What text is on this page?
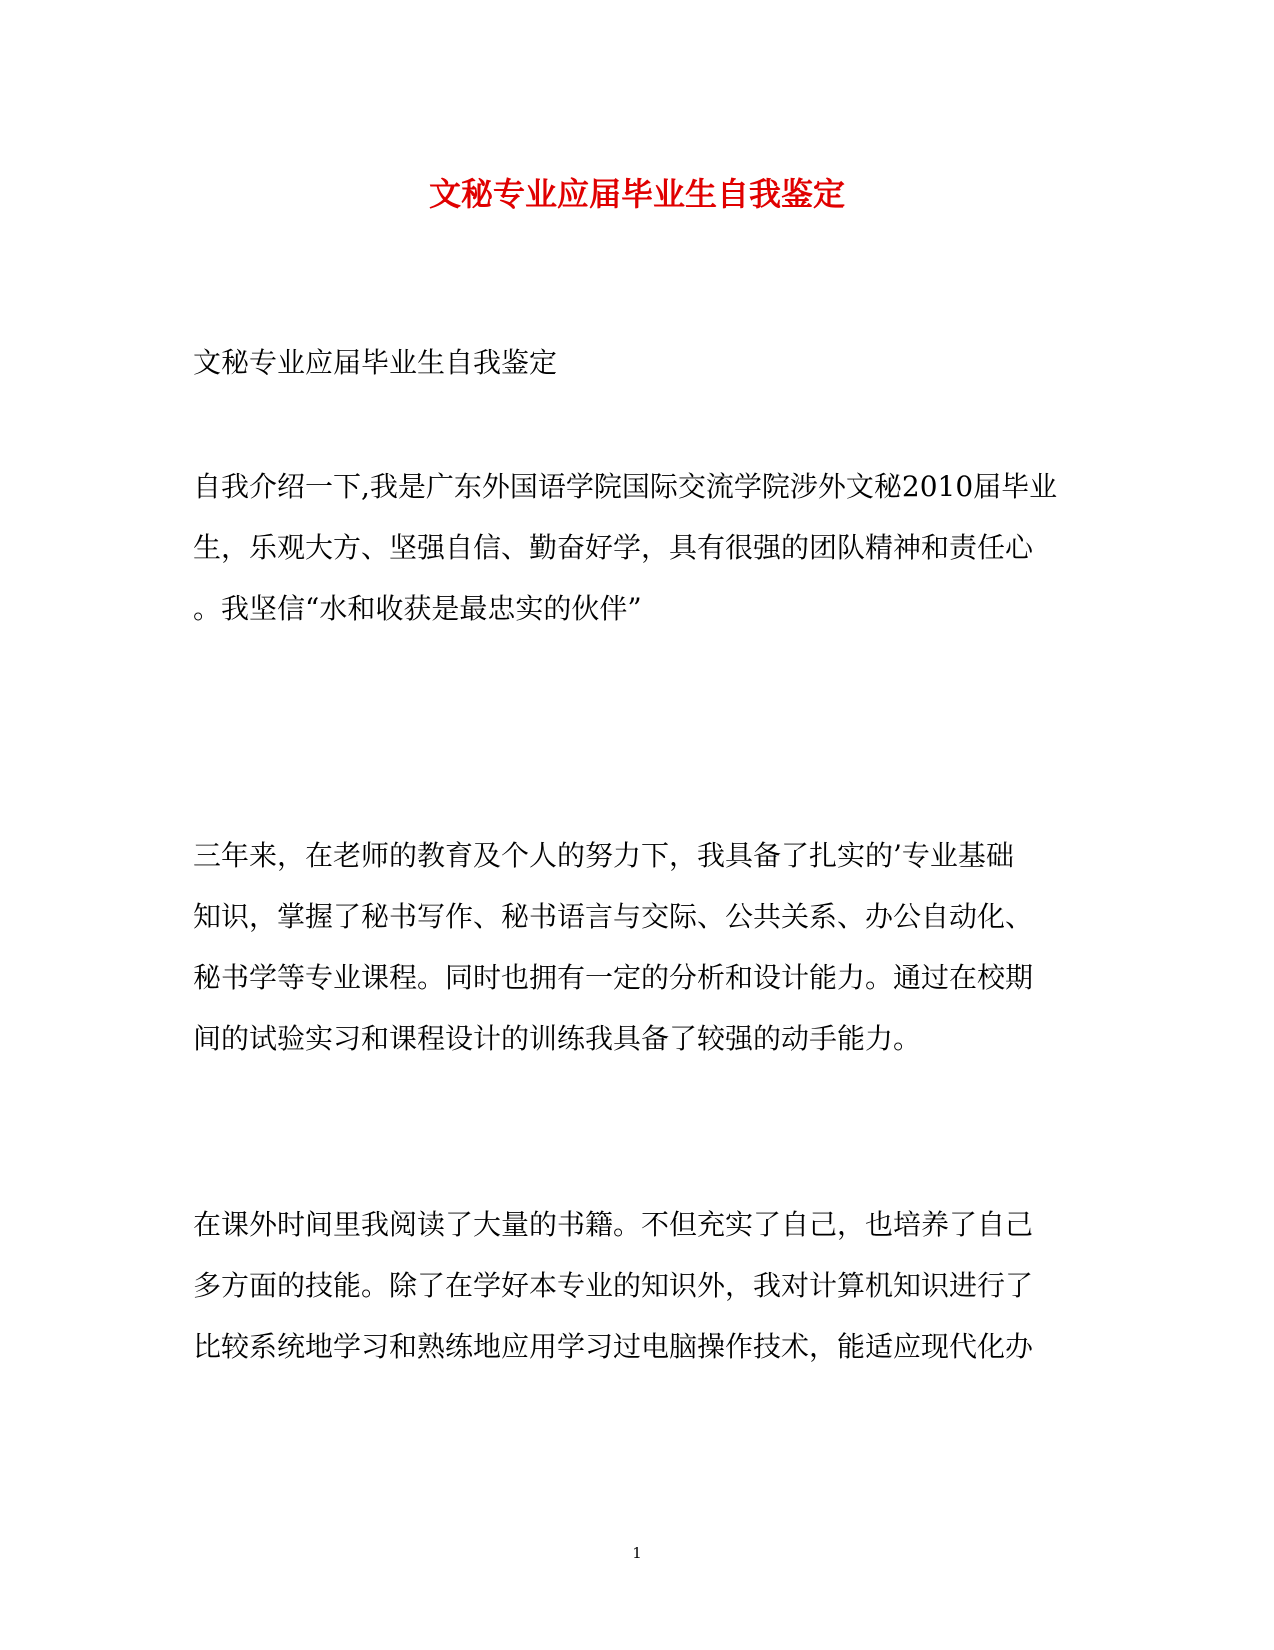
文秘专业应届毕业生自我鉴定

文秘专业应届毕业生自我鉴定

自我介绍一下,我是广东外国语学院国际交流学院涉外文秘2010届毕业

生，乐观大方、坚强自信、勤奋好学，具有很强的团队精神和责任心

。我坚信“水和收获是最忠实的伙伴”

三年来，在老师的教育及个人的努力下，我具备了扎实的’专业基础

知识，掌握了秘书写作、秘书语言与交际、公共关系、办公自动化、

秘书学等专业课程。同时也拥有一定的分析和设计能力。通过在校期

间的试验实习和课程设计的训练我具备了较强的动手能力。

在课外时间里我阅读了大量的书籍。不但充实了自己，也培养了自己

多方面的技能。除了在学好本专业的知识外，我对计算机知识进行了

比较系统地学习和熟练地应用学习过电脑操作技术，能适应现代化办

1
